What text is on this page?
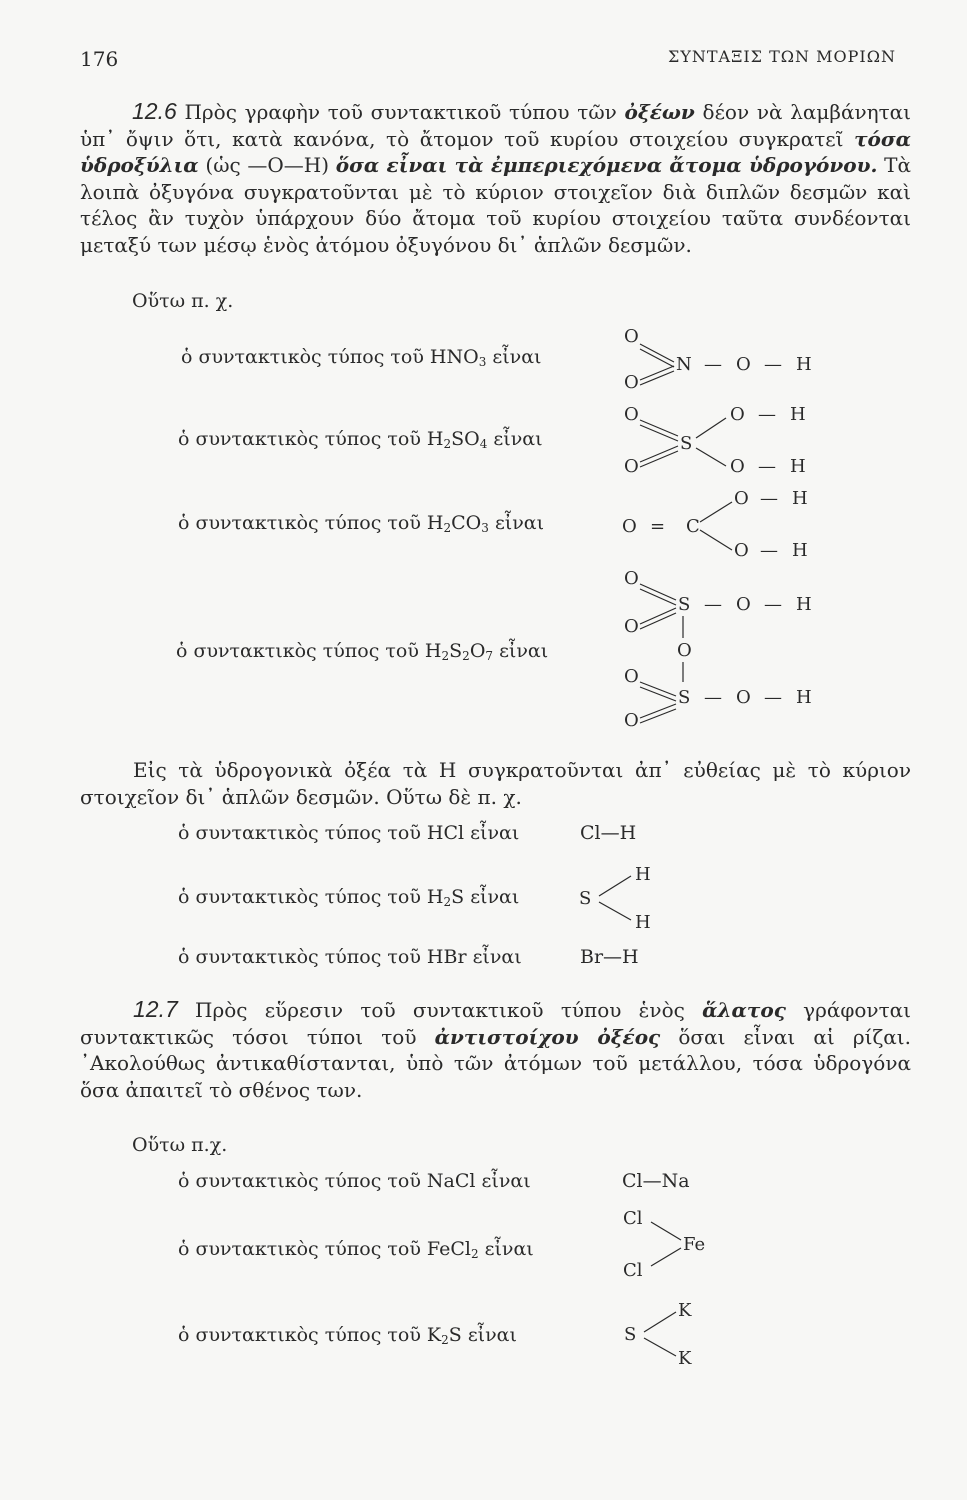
176	ΣΥΝΤΑΞΙΣ ΤΩΝ ΜΟΡΙΩΝ
12.6 Πρὸς γραφὴν τοῦ συντακτικοῦ τύπου τῶν ὀξέων δέον νὰ λαμβάνηται ὑπ᾽ ὄψιν ὅτι, κατὰ κανόνα, τὸ ἄτομον τοῦ κυρίου στοιχείου συγκρατεῖ τόσα ὑδροξύλια (ὡς —O—H) ὅσα εἶναι τὰ ἐμπεριεχόμενα ἄτομα ὑδρογόνου. Τὰ λοιπὰ ὀξυγόνα συγκρατοῦνται μὲ τὸ κύριον στοιχεῖον διὰ διπλῶν δεσμῶν καὶ τέλος ἂν τυχὸν ὑπάρχουν δύο ἄτομα τοῦ κυρίου στοιχείου ταῦτα συνδέονται μεταξύ των μέσῳ ἑνὸς ἀτόμου ὀξυγόνου δι᾽ ἁπλῶν δεσμῶν.
Οὕτω π. χ.
ὁ συντακτικὸς τύπος τοῦ $HNO_3$ εἶναι
ὁ συντακτικὸς τύπος τοῦ $H_2SO_4$ εἶναι
ὁ συντακτικὸς τύπος τοῦ $H_2CO_3$ εἶναι
ὁ συντακτικὸς τύπος τοῦ $H_2S_2O_7$ εἶναι
O
O
N — O — H
O
O
S
O — H
O — H
O = C
O — H
O — H
O
O
S — O — H
O
O
O
S — O — H
Εἰς τὰ ὑδρογονικὰ ὀξέα τὰ H συγκρατοῦνται ἀπ᾽ εὐθείας μὲ τὸ κύριον στοιχεῖον δι᾽ ἁπλῶν δεσμῶν. Οὕτω δὲ π. χ.
ὁ συντακτικὸς τύπος τοῦ HCl εἶναι
ὁ συντακτικὸς τύπος τοῦ $H_2S$ εἶναι
ὁ συντακτικὸς τύπος τοῦ HBr εἶναι
Cl—H
S
H
H
Br—H
12.7 Πρὸς εὕρεσιν τοῦ συντακτικοῦ τύπου ἑνὸς ἅλατος γράφονται συντακτικῶς τόσοι τύποι τοῦ ἀντιστοίχου ὀξέος ὅσαι εἶναι αἱ ρίζαι. ᾿Ακολούθως ἀντικαθίστανται, ὑπὸ τῶν ἀτόμων τοῦ μετάλλου, τόσα ὑδρογόνα ὅσα ἀπαιτεῖ τὸ σθένος των.
Οὕτω π.χ.
ὁ συντακτικὸς τύπος τοῦ NaCl εἶναι
ὁ συντακτικὸς τύπος τοῦ FeCl$_2$ εἶναι
ὁ συντακτικὸς τύπος τοῦ $K_2S$ εἶναι
Cl—Na
Cl
Cl
Fe
S
K
K
